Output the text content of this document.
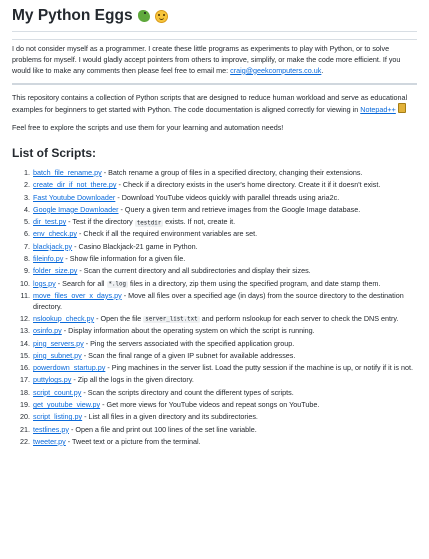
My Python Eggs

I do not consider myself as a programmer. I create these little programs as experiments to play with Python, or to solve problems for myself. I would gladly accept pointers from others to improve, simplify, or make the code more efficient. If you would like to make any comments then please feel free to email me: craig@geekcomputers.co.uk.

This repository contains a collection of Python scripts that are designed to reduce human workload and serve as educational examples for beginners to get started with Python. The code documentation is aligned correctly for viewing in Notepad++

Feel free to explore the scripts and use them for your learning and automation needs!

List of Scripts:
1. batch_file_rename.py - Batch rename a group of files in a specified directory, changing their extensions.
2. create_dir_if_not_there.py - Check if a directory exists in the user's home directory. Create it if it doesn't exist.
3. Fast Youtube Downloader - Download YouTube videos quickly with parallel threads using aria2c.
4. Google Image Downloader - Query a given term and retrieve images from the Google Image database.
5. dir_test.py - Test if the directory testdir exists. If not, create it.
6. env_check.py - Check if all the required environment variables are set.
7. blackjack.py - Casino Blackjack-21 game in Python.
8. fileinfo.py - Show file information for a given file.
9. folder_size.py - Scan the current directory and all subdirectories and display their sizes.
10. logs.py - Search for all *.log files in a directory, zip them using the specified program, and date stamp them.
11. move_files_over_x_days.py - Move all files over a specified age (in days) from the source directory to the destination directory.
12. nslookup_check.py - Open the file server_list.txt and perform nslookup for each server to check the DNS entry.
13. osinfo.py - Display information about the operating system on which the script is running.
14. ping_servers.py - Ping the servers associated with the specified application group.
15. ping_subnet.py - Scan the final range of a given IP subnet for available addresses.
16. powerdown_startup.py - Ping machines in the server list. Load the putty session if the machine is up, or notify if it is not.
17. puttylogs.py - Zip all the logs in the given directory.
18. script_count.py - Scan the scripts directory and count the different types of scripts.
19. get_youtube_view.py - Get more views for YouTube videos and repeat songs on YouTube.
20. script_listing.py - List all files in a given directory and its subdirectories.
21. testlines.py - Open a file and print out 100 lines of the set line variable.
22. tweeter.py - Tweet text or a picture from the terminal.
